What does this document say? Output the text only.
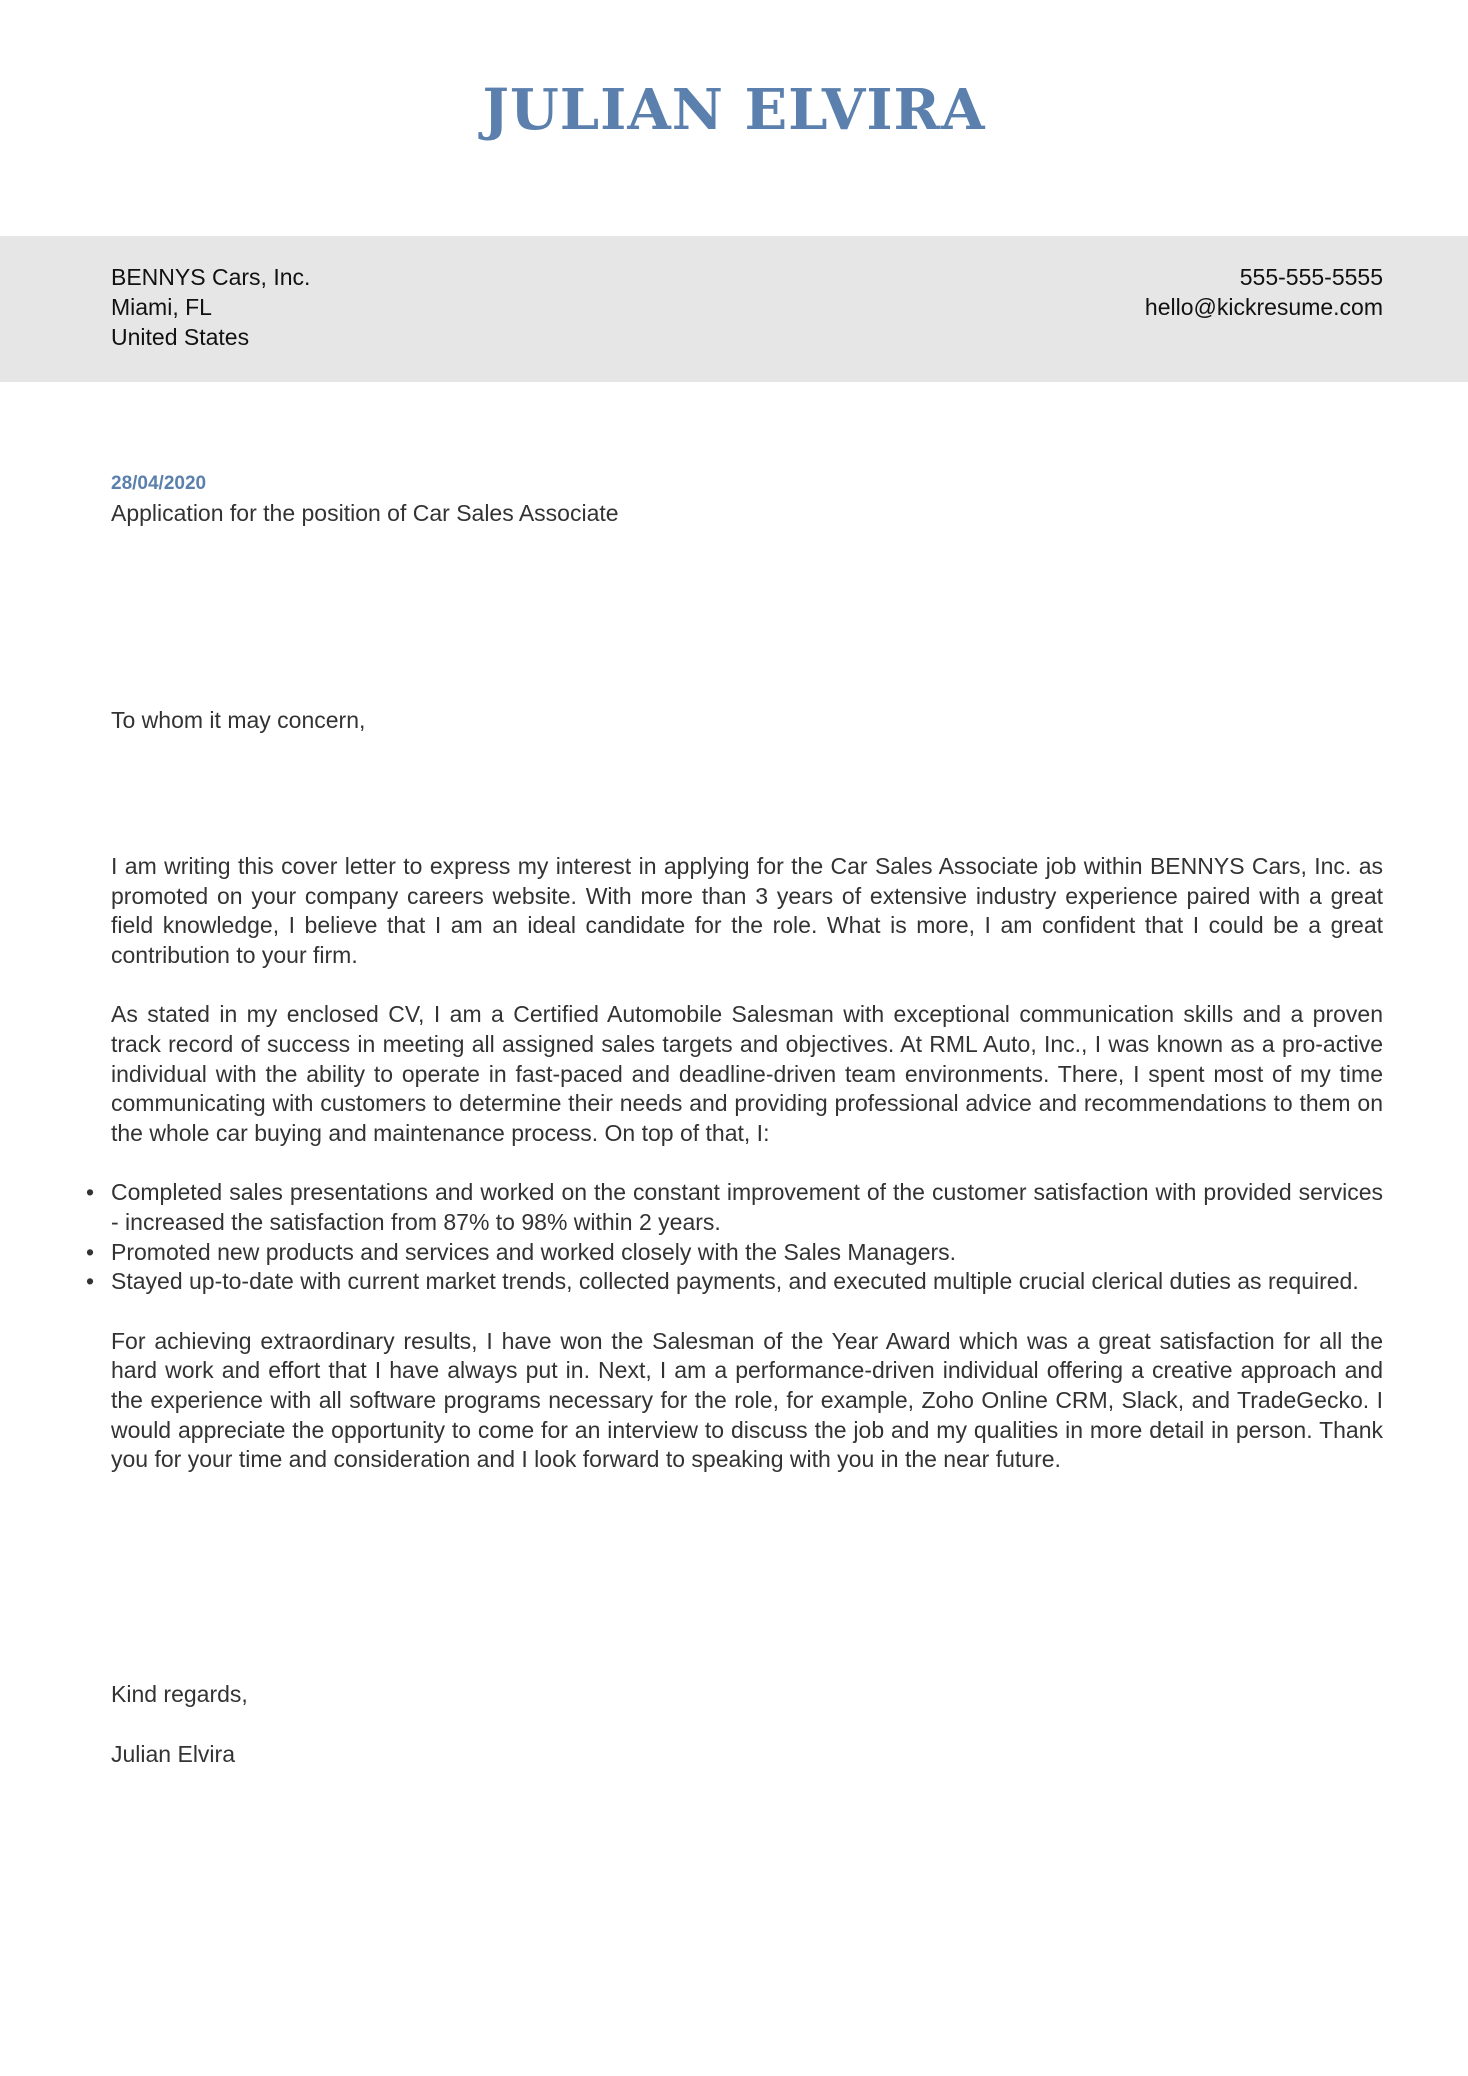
JULIAN ELVIRA
BENNYS Cars, Inc.
Miami, FL
United States
555-555-5555
hello@kickresume.com
28/04/2020
Application for the position of Car Sales Associate
To whom it may concern,

I am writing this cover letter to express my interest in applying for the Car Sales Associate job within BENNYS Cars, Inc. as promoted on your company careers website. With more than 3 years of extensive industry experience paired with a great field knowledge, I believe that I am an ideal candidate for the role. What is more, I am confident that I could be a great contribution to your firm.

As stated in my enclosed CV, I am a Certified Automobile Salesman with exceptional communication skills and a proven track record of success in meeting all assigned sales targets and objectives. At RML Auto, Inc., I was known as a pro-active individual with the ability to operate in fast-paced and deadline-driven team environments. There, I spent most of my time communicating with customers to determine their needs and providing professional advice and recommendations to them on the whole car buying and maintenance process. On top of that, I:

• Completed sales presentations and worked on the constant improvement of the customer satisfaction with provided services - increased the satisfaction from 87% to 98% within 2 years.
• Promoted new products and services and worked closely with the Sales Managers.
• Stayed up-to-date with current market trends, collected payments, and executed multiple crucial clerical duties as required.

For achieving extraordinary results, I have won the Salesman of the Year Award which was a great satisfaction for all the hard work and effort that I have always put in. Next, I am a performance-driven individual offering a creative approach and the experience with all software programs necessary for the role, for example, Zoho Online CRM, Slack, and TradeGecko. I would appreciate the opportunity to come for an interview to discuss the job and my qualities in more detail in person. Thank you for your time and consideration and I look forward to speaking with you in the near future.

Kind regards,
Julian Elvira
